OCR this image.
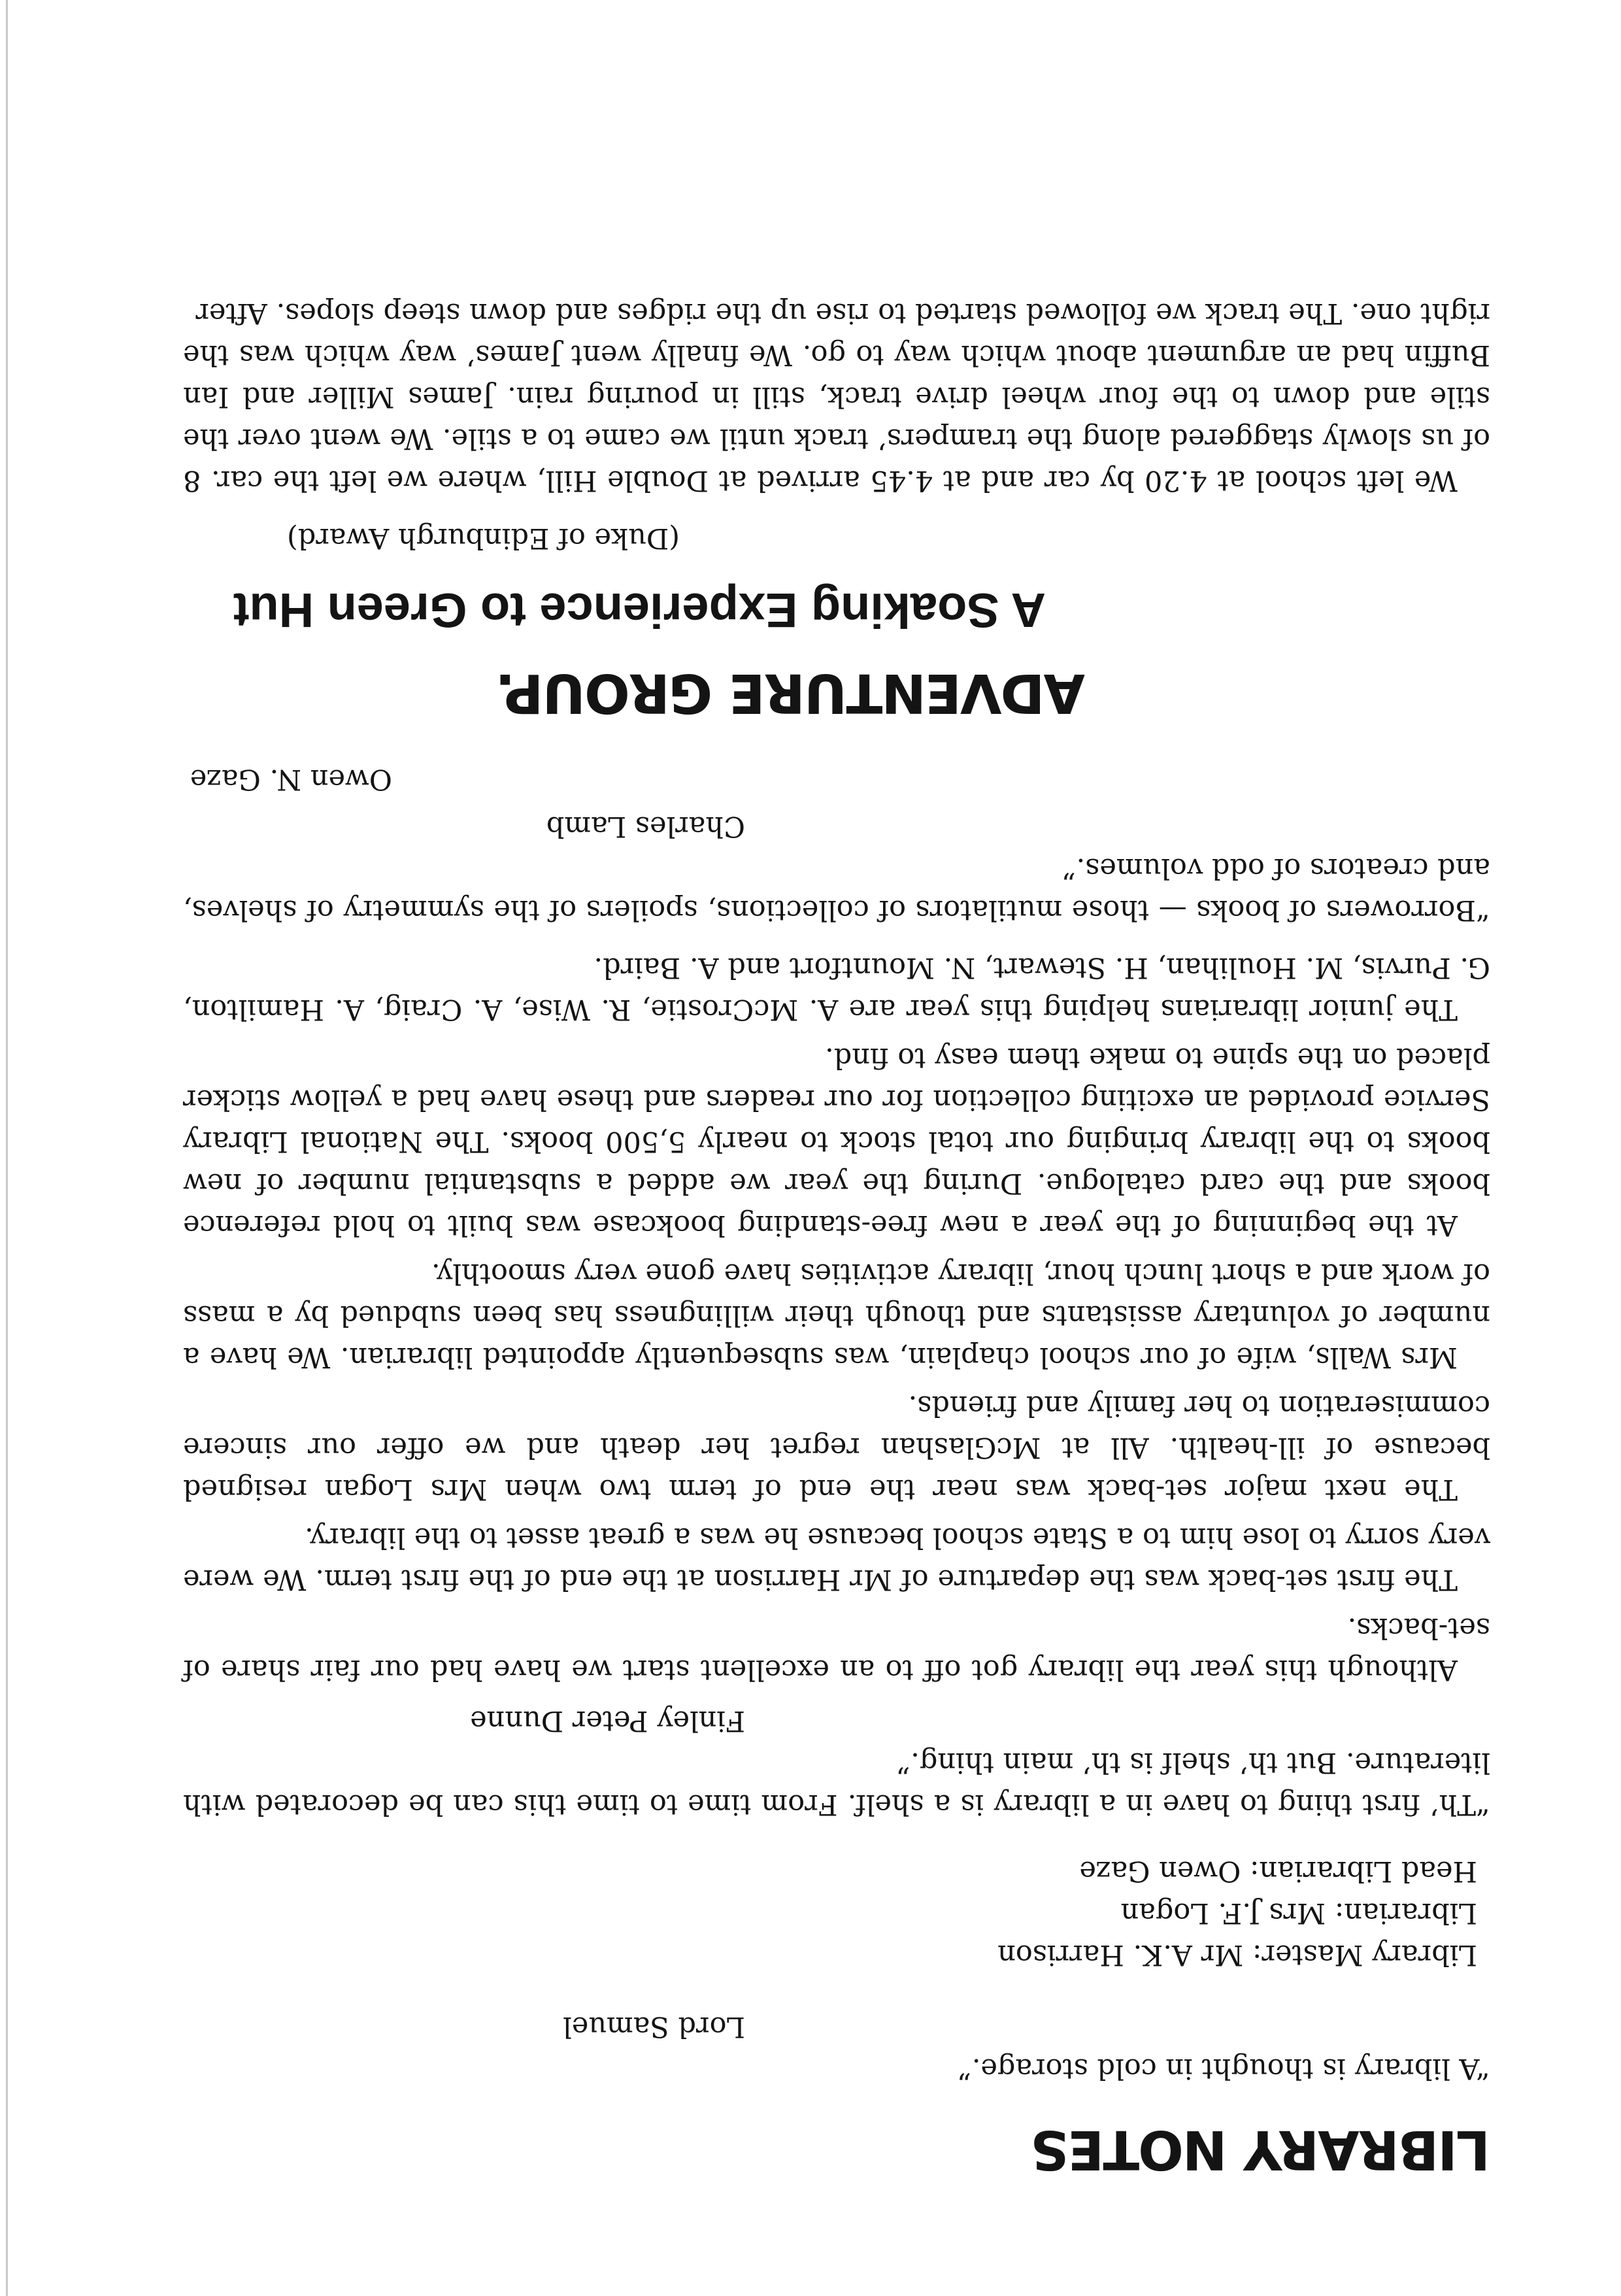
LIBRARY NOTES

“A library is thought in cold storage.”

Lord Samuel

Library Master: Mr A.K. Harrison

Librarian: Mrs J.F. Logan

Head Librarian: Owen Gaze

“Th’ first thing to have in a library is a shelf. From time to time this can be decorated with literature. But th’ shelf is th’ main thing.”

Finley Peter Dunne

Although this year the library got off to an excellent start we have had our fair share of set-backs.

The first set-back was the departure of Mr Harrison at the end of the first term. We were very sorry to lose him to a State school because he was a great asset to the library.

The next major set-back was near the end of term two when Mrs Logan resigned because of ill-health. All at McGlashan regret her death and we offer our sincere commiseration to her family and friends.

Mrs Walls, wife of our school chaplain, was subsequently appointed librarian. We have a number of voluntary assistants and though their willingness has been subdued by a mass of work and a short lunch hour, library activities have gone very smoothly.

At the beginning of the year a new free-standing bookcase was built to hold reference books and the card catalogue. During the year we added a substantial number of new books to the library bringing our total stock to nearly 5,500 books. The National Library Service provided an exciting collection for our readers and these have had a yellow sticker placed on the spine to make them easy to find.

The junior librarians helping this year are A. McCrostie, R. Wise, A. Craig, A. Hamilton, G. Purvis, M. Houlihan, H. Stewart, N. Mountfort and A. Baird.

“Borrowers of books — those mutilators of collections, spoilers of the symmetry of shelves, and creators of odd volumes.”

Charles Lamb

Owen N. Gaze

ADVENTURE GROUP.
A Soaking Experience to Green Hut

(Duke of Edinburgh Award)

We left school at 4.20 by car and at 4.45 arrived at Double Hill, where we left the car. 8 of us slowly staggered along the trampers’ track until we came to a stile. We went over the stile and down to the four wheel drive track, still in pouring rain. James Miller and Ian Buffin had an argument about which way to go. We finally went James’ way which was the right one. The track we followed started to rise up the ridges and down steep slopes. After
